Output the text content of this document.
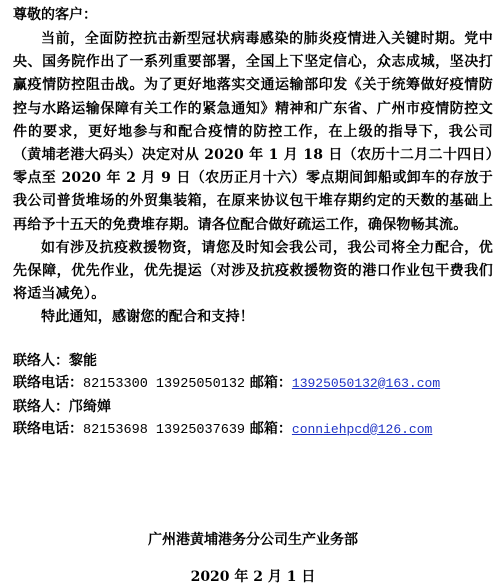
尊敬的客户：

当前，全面防控抗击新型冠状病毒感染的肺炎疫情进入关键时期。党中央、国务院作出了一系列重要部署，全国上下坚定信心，众志成城，坚决打赢疫情防控阻击战。为了更好地落实交通运输部印发《关于统筹做好疫情防控与水路运输保障有关工作的紧急通知》精神和广东省、广州市疫情防控文件的要求，更好地参与和配合疫情的防控工作，在上级的指导下，我公司（黄埔老港大码头）决定对从 2020 年 1 月 18 日（农历十二月二十四日）零点至 2020 年 2 月 9 日（农历正月十六）零点期间卸船或卸车的存放于我公司普货堆场的外贸集装箱，在原来协议包干堆存期约定的天数的基础上再给予十五天的免费堆存期。请各位配合做好疏运工作，确保物畅其流。

如有涉及抗疫救援物资，请您及时知会我公司，我公司将全力配合，优先保障，优先作业，优先提运（对涉及抗疫救援物资的港口作业包干费我们将适当减免）。

特此通知，感谢您的配合和支持！

联络人：黎能

联络电话：82153300 13925050132 邮箱：13925050132@163.com

联络人：邝绮婵

联络电话：82153698 13925037639 邮箱：conniehpcd@126.com

广州港黄埔港务分公司生产业务部
2020 年 2 月 1 日
